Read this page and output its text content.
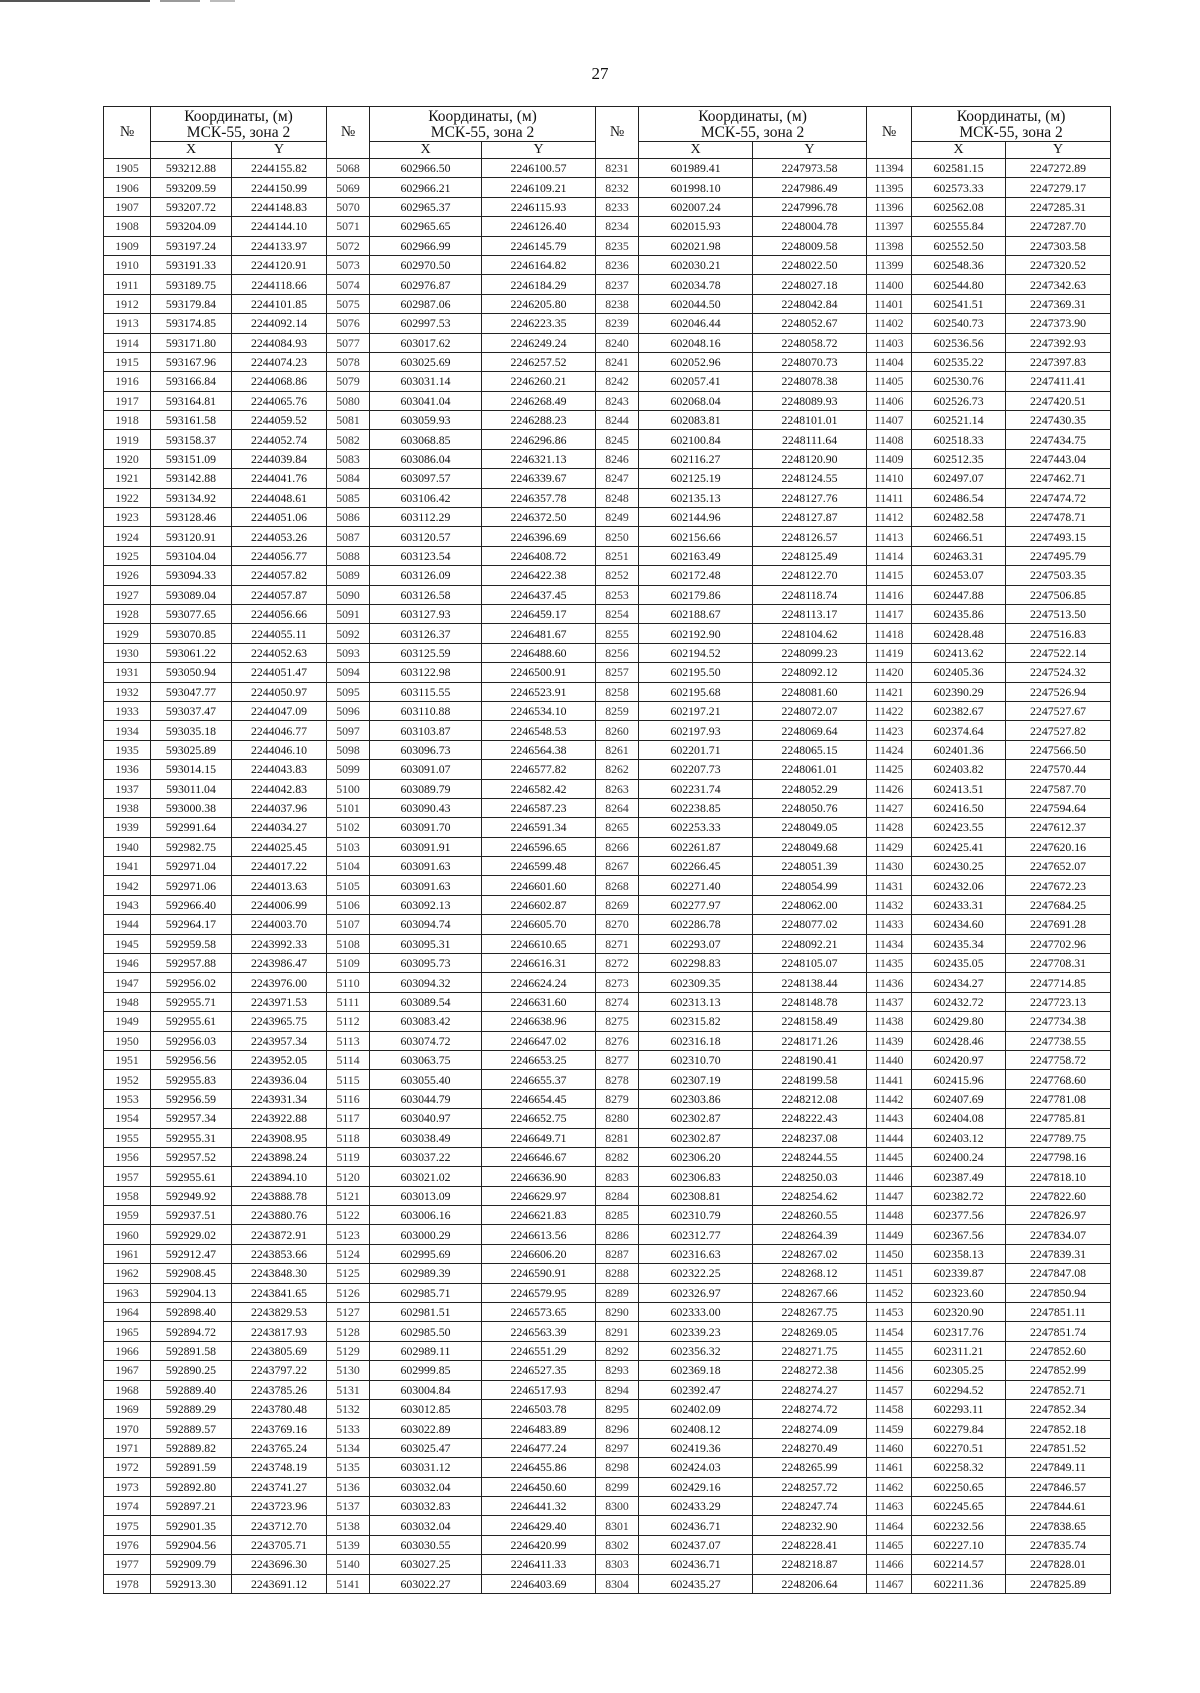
27
№	Координаты, (м)
МСК-55, зона 2		№	Координаты, (м)
МСК-55, зона 2		№	Координаты, (м)
МСК-55, зона 2		№	Координаты, (м)
МСК-55, зона 2	

	X	Y		X	Y		X	Y		X	Y
1905	593212.88	2244155.82	5068	602966.50	2246100.57	8231	601989.41	2247973.58	11394	602581.15	2247272.89
1906	593209.59	2244150.99	5069	602966.21	2246109.21	8232	601998.10	2247986.49	11395	602573.33	2247279.17
1907	593207.72	2244148.83	5070	602965.37	2246115.93	8233	602007.24	2247996.78	11396	602562.08	2247285.31
1908	593204.09	2244144.10	5071	602965.65	2246126.40	8234	602015.93	2248004.78	11397	602555.84	2247287.70
1909	593197.24	2244133.97	5072	602966.99	2246145.79	8235	602021.98	2248009.58	11398	602552.50	2247303.58
1910	593191.33	2244120.91	5073	602970.50	2246164.82	8236	602030.21	2248022.50	11399	602548.36	2247320.52
1911	593189.75	2244118.66	5074	602976.87	2246184.29	8237	602034.78	2248027.18	11400	602544.80	2247342.63
1912	593179.84	2244101.85	5075	602987.06	2246205.80	8238	602044.50	2248042.84	11401	602541.51	2247369.31
1913	593174.85	2244092.14	5076	602997.53	2246223.35	8239	602046.44	2248052.67	11402	602540.73	2247373.90
1914	593171.80	2244084.93	5077	603017.62	2246249.24	8240	602048.16	2248058.72	11403	602536.56	2247392.93
1915	593167.96	2244074.23	5078	603025.69	2246257.52	8241	602052.96	2248070.73	11404	602535.22	2247397.83
1916	593166.84	2244068.86	5079	603031.14	2246260.21	8242	602057.41	2248078.38	11405	602530.76	2247411.41
1917	593164.81	2244065.76	5080	603041.04	2246268.49	8243	602068.04	2248089.93	11406	602526.73	2247420.51
1918	593161.58	2244059.52	5081	603059.93	2246288.23	8244	602083.81	2248101.01	11407	602521.14	2247430.35
1919	593158.37	2244052.74	5082	603068.85	2246296.86	8245	602100.84	2248111.64	11408	602518.33	2247434.75
1920	593151.09	2244039.84	5083	603086.04	2246321.13	8246	602116.27	2248120.90	11409	602512.35	2247443.04
1921	593142.88	2244041.76	5084	603097.57	2246339.67	8247	602125.19	2248124.55	11410	602497.07	2247462.71
1922	593134.92	2244048.61	5085	603106.42	2246357.78	8248	602135.13	2248127.76	11411	602486.54	2247474.72
1923	593128.46	2244051.06	5086	603112.29	2246372.50	8249	602144.96	2248127.87	11412	602482.58	2247478.71
1924	593120.91	2244053.26	5087	603120.57	2246396.69	8250	602156.66	2248126.57	11413	602466.51	2247493.15
1925	593104.04	2244056.77	5088	603123.54	2246408.72	8251	602163.49	2248125.49	11414	602463.31	2247495.79
1926	593094.33	2244057.82	5089	603126.09	2246422.38	8252	602172.48	2248122.70	11415	602453.07	2247503.35
1927	593089.04	2244057.87	5090	603126.58	2246437.45	8253	602179.86	2248118.74	11416	602447.88	2247506.85
1928	593077.65	2244056.66	5091	603127.93	2246459.17	8254	602188.67	2248113.17	11417	602435.86	2247513.50
1929	593070.85	2244055.11	5092	603126.37	2246481.67	8255	602192.90	2248104.62	11418	602428.48	2247516.83
1930	593061.22	2244052.63	5093	603125.59	2246488.60	8256	602194.52	2248099.23	11419	602413.62	2247522.14
1931	593050.94	2244051.47	5094	603122.98	2246500.91	8257	602195.50	2248092.12	11420	602405.36	2247524.32
1932	593047.77	2244050.97	5095	603115.55	2246523.91	8258	602195.68	2248081.60	11421	602390.29	2247526.94
1933	593037.47	2244047.09	5096	603110.88	2246534.10	8259	602197.21	2248072.07	11422	602382.67	2247527.67
1934	593035.18	2244046.77	5097	603103.87	2246548.53	8260	602197.93	2248069.64	11423	602374.64	2247527.82
1935	593025.89	2244046.10	5098	603096.73	2246564.38	8261	602201.71	2248065.15	11424	602401.36	2247566.50
1936	593014.15	2244043.83	5099	603091.07	2246577.82	8262	602207.73	2248061.01	11425	602403.82	2247570.44
1937	593011.04	2244042.83	5100	603089.79	2246582.42	8263	602231.74	2248052.29	11426	602413.51	2247587.70
1938	593000.38	2244037.96	5101	603090.43	2246587.23	8264	602238.85	2248050.76	11427	602416.50	2247594.64
1939	592991.64	2244034.27	5102	603091.70	2246591.34	8265	602253.33	2248049.05	11428	602423.55	2247612.37
1940	592982.75	2244025.45	5103	603091.91	2246596.65	8266	602261.87	2248049.68	11429	602425.41	2247620.16
1941	592971.04	2244017.22	5104	603091.63	2246599.48	8267	602266.45	2248051.39	11430	602430.25	2247652.07
1942	592971.06	2244013.63	5105	603091.63	2246601.60	8268	602271.40	2248054.99	11431	602432.06	2247672.23
1943	592966.40	2244006.99	5106	603092.13	2246602.87	8269	602277.97	2248062.00	11432	602433.31	2247684.25
1944	592964.17	2244003.70	5107	603094.74	2246605.70	8270	602286.78	2248077.02	11433	602434.60	2247691.28
1945	592959.58	2243992.33	5108	603095.31	2246610.65	8271	602293.07	2248092.21	11434	602435.34	2247702.96
1946	592957.88	2243986.47	5109	603095.73	2246616.31	8272	602298.83	2248105.07	11435	602435.05	2247708.31
1947	592956.02	2243976.00	5110	603094.32	2246624.24	8273	602309.35	2248138.44	11436	602434.27	2247714.85
1948	592955.71	2243971.53	5111	603089.54	2246631.60	8274	602313.13	2248148.78	11437	602432.72	2247723.13
1949	592955.61	2243965.75	5112	603083.42	2246638.96	8275	602315.82	2248158.49	11438	602429.80	2247734.38
1950	592956.03	2243957.34	5113	603074.72	2246647.02	8276	602316.18	2248171.26	11439	602428.46	2247738.55
1951	592956.56	2243952.05	5114	603063.75	2246653.25	8277	602310.70	2248190.41	11440	602420.97	2247758.72
1952	592955.83	2243936.04	5115	603055.40	2246655.37	8278	602307.19	2248199.58	11441	602415.96	2247768.60
1953	592956.59	2243931.34	5116	603044.79	2246654.45	8279	602303.86	2248212.08	11442	602407.69	2247781.08
1954	592957.34	2243922.88	5117	603040.97	2246652.75	8280	602302.87	2248222.43	11443	602404.08	2247785.81
1955	592955.31	2243908.95	5118	603038.49	2246649.71	8281	602302.87	2248237.08	11444	602403.12	2247789.75
1956	592957.52	2243898.24	5119	603037.22	2246646.67	8282	602306.20	2248244.55	11445	602400.24	2247798.16
1957	592955.61	2243894.10	5120	603021.02	2246636.90	8283	602306.83	2248250.03	11446	602387.49	2247818.10
1958	592949.92	2243888.78	5121	603013.09	2246629.97	8284	602308.81	2248254.62	11447	602382.72	2247822.60
1959	592937.51	2243880.76	5122	603006.16	2246621.83	8285	602310.79	2248260.55	11448	602377.56	2247826.97
1960	592929.02	2243872.91	5123	603000.29	2246613.56	8286	602312.77	2248264.39	11449	602367.56	2247834.07
1961	592912.47	2243853.66	5124	602995.69	2246606.20	8287	602316.63	2248267.02	11450	602358.13	2247839.31
1962	592908.45	2243848.30	5125	602989.39	2246590.91	8288	602322.25	2248268.12	11451	602339.87	2247847.08
1963	592904.13	2243841.65	5126	602985.71	2246579.95	8289	602326.97	2248267.66	11452	602323.60	2247850.94
1964	592898.40	2243829.53	5127	602981.51	2246573.65	8290	602333.00	2248267.75	11453	602320.90	2247851.11
1965	592894.72	2243817.93	5128	602985.50	2246563.39	8291	602339.23	2248269.05	11454	602317.76	2247851.74
1966	592891.58	2243805.69	5129	602989.11	2246551.29	8292	602356.32	2248271.75	11455	602311.21	2247852.60
1967	592890.25	2243797.22	5130	602999.85	2246527.35	8293	602369.18	2248272.38	11456	602305.25	2247852.99
1968	592889.40	2243785.26	5131	603004.84	2246517.93	8294	602392.47	2248274.27	11457	602294.52	2247852.71
1969	592889.29	2243780.48	5132	603012.85	2246503.78	8295	602402.09	2248274.72	11458	602293.11	2247852.34
1970	592889.57	2243769.16	5133	603022.89	2246483.89	8296	602408.12	2248274.09	11459	602279.84	2247852.18
1971	592889.82	2243765.24	5134	603025.47	2246477.24	8297	602419.36	2248270.49	11460	602270.51	2247851.52
1972	592891.59	2243748.19	5135	603031.12	2246455.86	8298	602424.03	2248265.99	11461	602258.32	2247849.11
1973	592892.80	2243741.27	5136	603032.04	2246450.60	8299	602429.16	2248257.72	11462	602250.65	2247846.57
1974	592897.21	2243723.96	5137	603032.83	2246441.32	8300	602433.29	2248247.74	11463	602245.65	2247844.61
1975	592901.35	2243712.70	5138	603032.04	2246429.40	8301	602436.71	2248232.90	11464	602232.56	2247838.65
1976	592904.56	2243705.71	5139	603030.55	2246420.99	8302	602437.07	2248228.41	11465	602227.10	2247835.74
1977	592909.79	2243696.30	5140	603027.25	2246411.33	8303	602436.71	2248218.87	11466	602214.57	2247828.01
1978	592913.30	2243691.12	5141	603022.27	2246403.69	8304	602435.27	2248206.64	11467	602211.36	2247825.89
